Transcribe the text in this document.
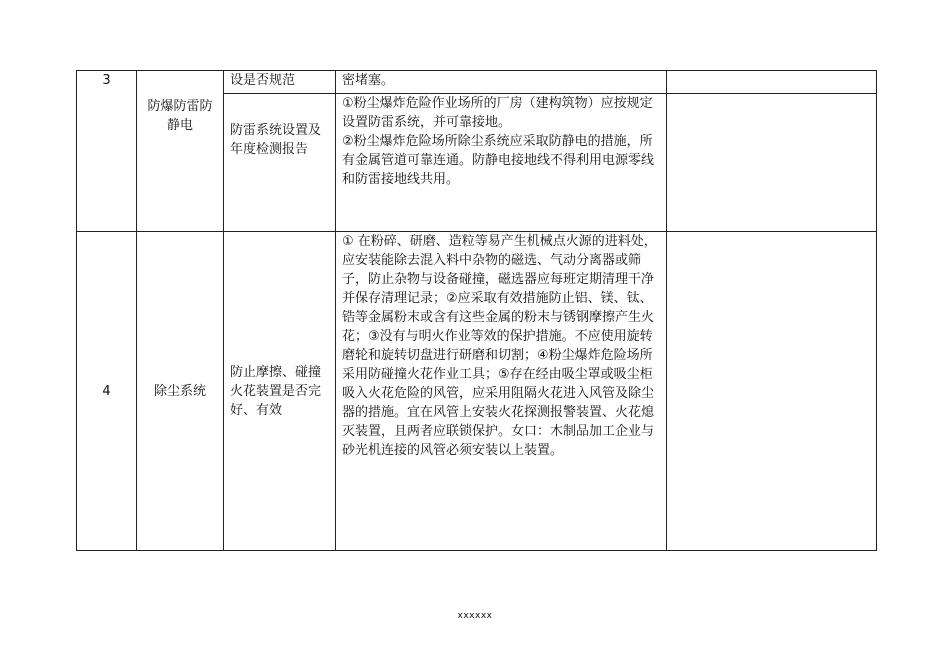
3	防爆防雷防静电	设是否规范	密堵塞。	
		防雷系统设置及年度检测报告	①粉尘爆炸危险作业场所的厂房（建构筑物）应按规定设置防雷系统，并可靠接地。
②粉尘爆炸危险场所除尘系统应采取防静电的措施，所有金属管道可靠连通。防静电接地线不得利用电源零线和防雷接地线共用。	
4	除尘系统	防止摩擦、碰撞火花装置是否完好、有效	① 在粉碎、研磨、造粒等易产生机械点火源的进料处，应安装能除去混入料中杂物的磁选、气动分离器或筛子，防止杂物与设备碰撞，磁选器应每班定期清理干净并保存清理记录；②应采取有效措施防止铝、镁、钛、锆等金属粉末或含有这些金属的粉末与锈钢摩擦产生火花；③没有与明火作业等效的保护措施。不应使用旋转磨轮和旋转切盘进行研磨和切割；④粉尘爆炸危险场所采用防碰撞火花作业工具；⑤存在经由吸尘罩或吸尘柜吸入火花危险的风管，应采用阻隔火花进入风管及除尘器的措施。宜在风管上安装火花探测报警装置、火花熄灭装置，且两者应联锁保护。女口：木制品加工企业与砂光机连接的风管必须安装以上装置。	
xxxxxx
